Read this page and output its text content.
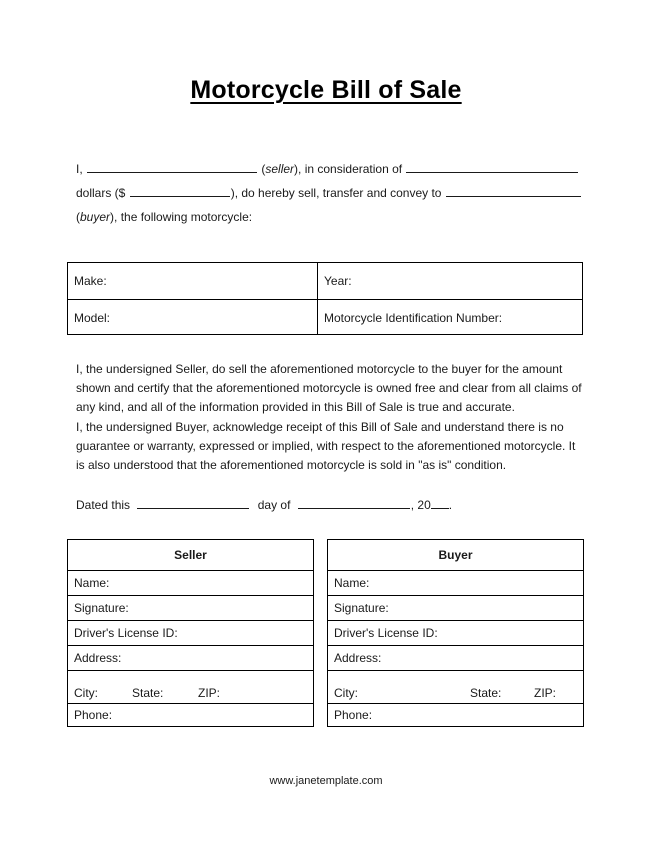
Motorcycle Bill of Sale
I,	(seller), in consideration of
dollars ($	), do hereby sell, transfer and convey to
(buyer), the following motorcycle:
Make:	Year:
Model:	Motorcycle Identification Number:
I, the undersigned Seller, do sell the aforementioned motorcycle to the buyer for the amount shown and certify that the aforementioned motorcycle is owned free and clear from all claims of any kind, and all of the information provided in this Bill of Sale is true and accurate.
I, the undersigned Buyer, acknowledge receipt of this Bill of Sale and understand there is no guarantee or warranty, expressed or implied, with respect to the aforementioned motorcycle. It is also understood that the aforementioned motorcycle is sold in "as is" condition.
Dated this	day of	, 20 .
Seller
Name:
Signature:
Driver's License ID:
Address:
City:	State:	ZIP:
Phone:
Buyer
Name:
Signature:
Driver's License ID:
Address:
City:	State:	ZIP:
Phone:
www.janetemplate.com
